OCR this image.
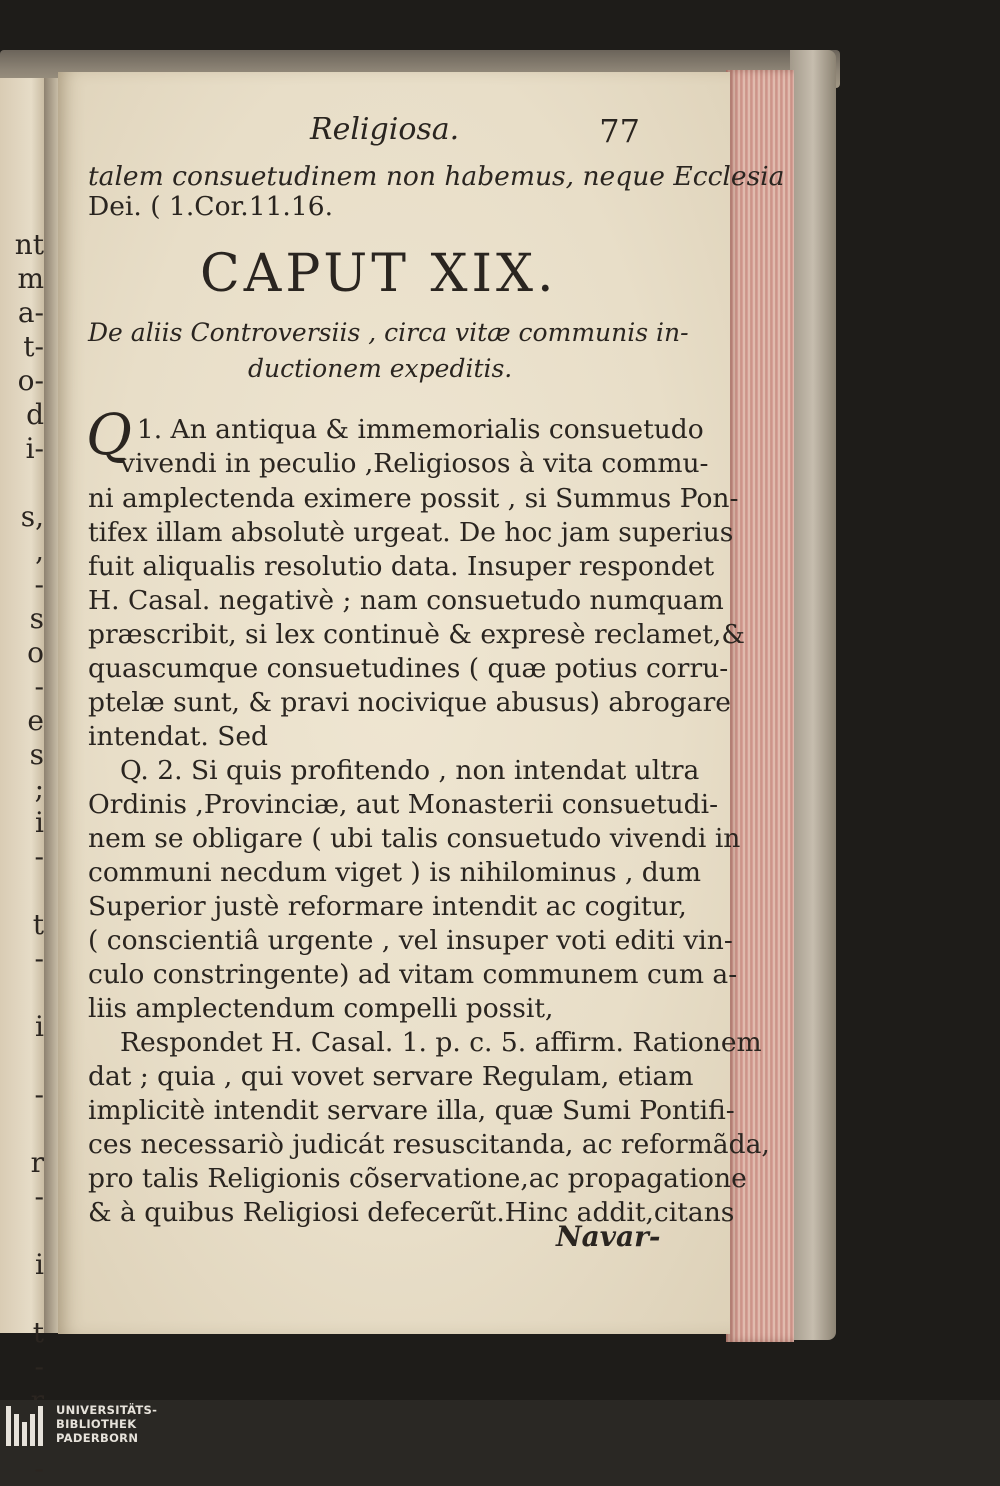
nt
m
a-
t-
o-
d
i-
s,
,
-
s
o
-
e
s
;
i
-
t
-
i
-
r
-
i
t
-
-
Religiosa.	77
talem consuetudinem non habemus, neque Ecclesia
Dei. ( 1.Cor.11.16.
. 1. An antiqua & immemorialis consuetudo
vivendi in peculio ,Religiosos à vita commu-
ni amplectenda eximere possit , si Summus Pon-
tifex illam absolutè urgeat. De hoc jam superius
fuit aliqualis resolutio data. Insuper respondet
H. Casal. negativè ; nam consuetudo numquam
præscribit, si lex continuè & expresè reclamet,&
quascumque consuetudines ( quæ potius corru-
ptelæ sunt, & pravi nocivique abusus) abrogare
intendat. Sed
Q. 2. Si quis profitendo , non intendat ultra
Ordinis ,Provinciæ, aut Monasterii consuetudi-
nem se obligare ( ubi talis consuetudo vivendi in
communi necdum viget ) is nihilominus , dum
Superior justè reformare intendit ac cogitur,
( conscientiâ urgente , vel insuper voti editi vin-
culo constringente) ad vitam communem cum a-
liis amplectendum compelli possit,
Respondet H. Casal. 1. p. c. 5. affirm. Rationem
dat ; quia , qui vovet servare Regulam, etiam
implicitè intendit servare illa, quæ Sumi Pontifi-
ces necessariò judicát resuscitanda, ac reformãda,
pro talis Religionis cõservatione,ac propagatione
& à quibus Religiosi defecerũt.Hinc addit,citans
CAPUT XIX.
De aliis Controversiis , circa vitæ communis in-
ductionem expeditis.
Q
Navar-
UNIVERSITÄTS-
BIBLIOTHEK
PADERBORN
